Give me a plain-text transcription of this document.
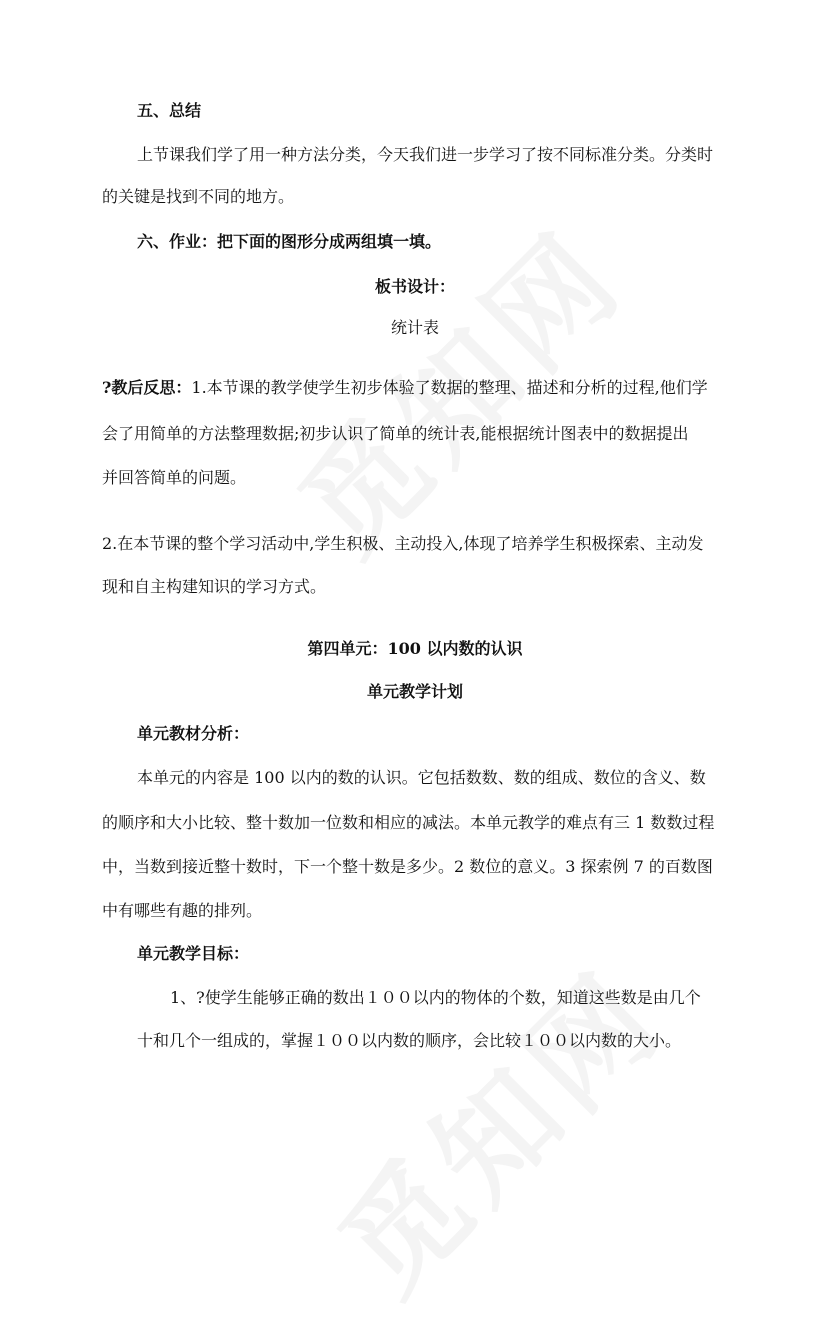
五、总结
上节课我们学了用一种方法分类，今天我们进一步学习了按不同标准分类。分类时
的关键是找到不同的地方。
六、作业：把下面的图形分成两组填一填。
板书设计：
统计表
?教后反思：1.本节课的教学使学生初步体验了数据的整理、描述和分析的过程,他们学
会了用简单的方法整理数据;初步认识了简单的统计表,能根据统计图表中的数据提出
并回答简单的问题。
2.在本节课的整个学习活动中,学生积极、主动投入,体现了培养学生积极探索、主动发
现和自主构建知识的学习方式。
第四单元：100 以内数的认识
单元教学计划
单元教材分析：
本单元的内容是 100 以内的数的认识。它包括数数、数的组成、数位的含义、数
的顺序和大小比较、整十数加一位数和相应的减法。本单元教学的难点有三 1 数数过程
中，当数到接近整十数时，下一个整十数是多少。2 数位的意义。3 探索例 7 的百数图
中有哪些有趣的排列。
单元教学目标：
1、?使学生能够正确的数出１００以内的物体的个数，知道这些数是由几个
十和几个一组成的，掌握１００以内数的顺序，会比较１００以内数的大小。
